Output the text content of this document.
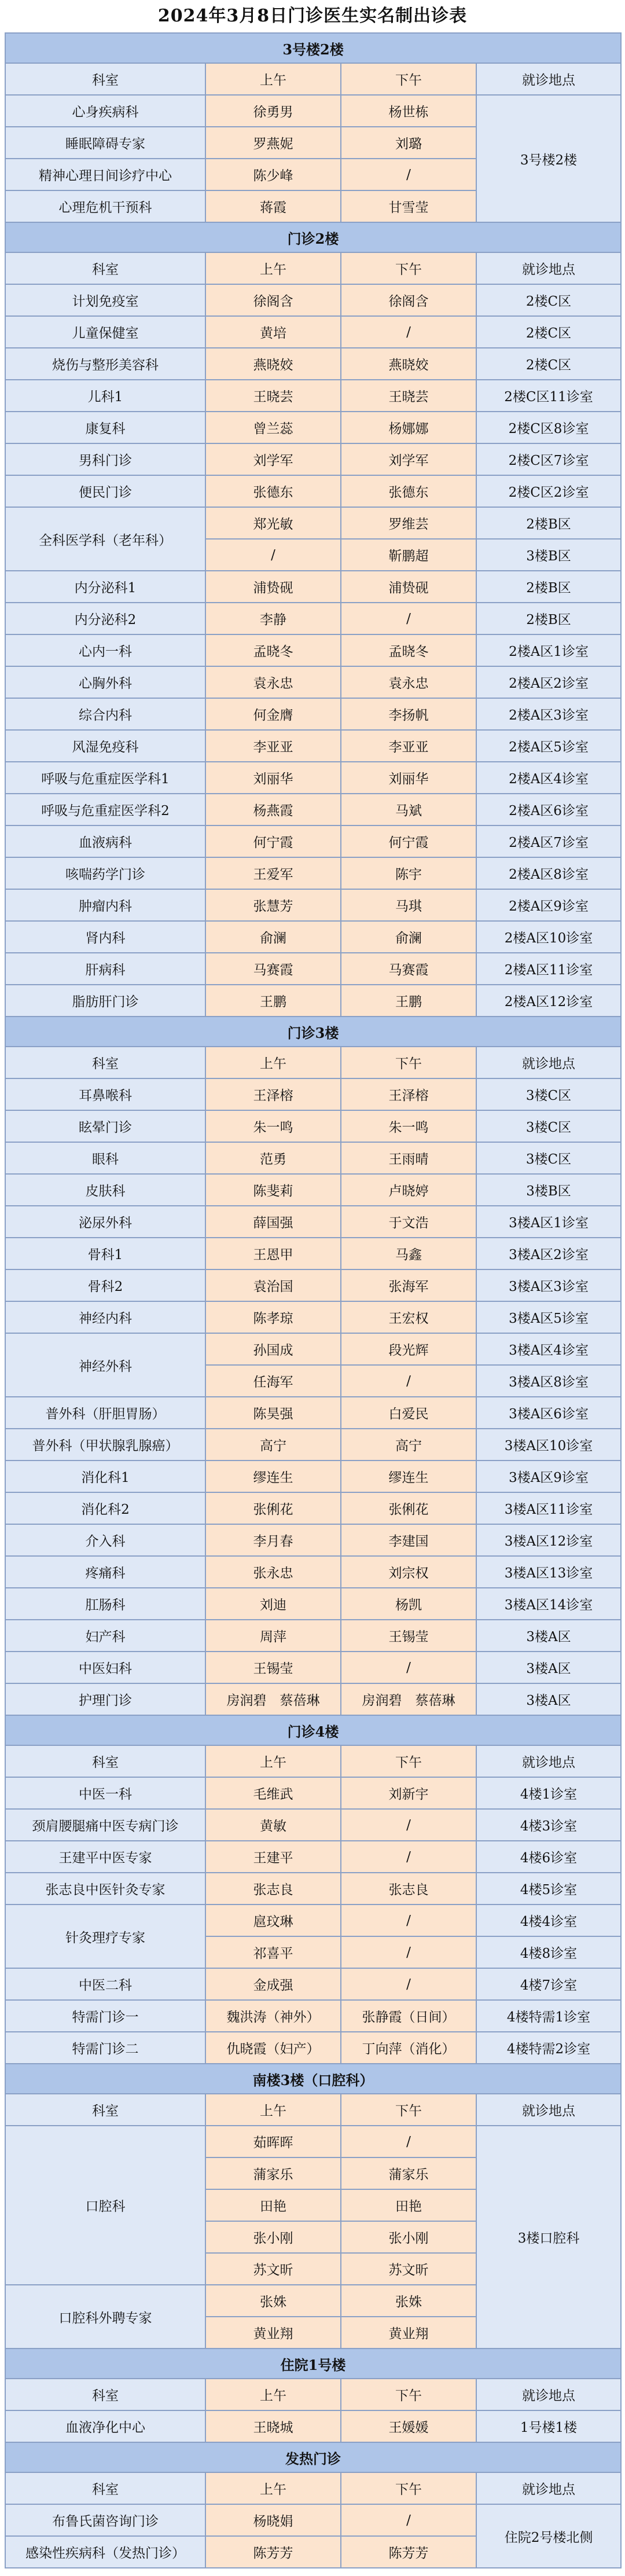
2024年3月8日门诊医生实名制出诊表
3号楼2楼			
科室	上午	下午	就诊地点
心身疾病科	徐勇男	杨世栋	3号楼2楼
睡眠障碍专家	罗燕妮	刘璐	
精神心理日间诊疗中心	陈少峰	/	
心理危机干预科	蒋霞	甘雪莹	
门诊2楼			
科室	上午	下午	就诊地点
计划免疫室	徐阁含	徐阁含	2楼C区
儿童保健室	黄培	/	2楼C区
烧伤与整形美容科	燕晓姣	燕晓姣	2楼C区
儿科1	王晓芸	王晓芸	2楼C区11诊室
康复科	曾兰蕊	杨娜娜	2楼C区8诊室
男科门诊	刘学军	刘学军	2楼C区7诊室
便民门诊	张德东	张德东	2楼C区2诊室
全科医学科（老年科）	郑光敏	罗维芸	2楼B区
	/	靳鹏超	3楼B区
内分泌科1	浦贽砚	浦贽砚	2楼B区
内分泌科2	李静	/	2楼B区
心内一科	孟晓冬	孟晓冬	2楼A区1诊室
心胸外科	袁永忠	袁永忠	2楼A区2诊室
综合内科	何金膺	李扬帆	2楼A区3诊室
风湿免疫科	李亚亚	李亚亚	2楼A区5诊室
呼吸与危重症医学科1	刘丽华	刘丽华	2楼A区4诊室
呼吸与危重症医学科2	杨燕霞	马斌	2楼A区6诊室
血液病科	何宁霞	何宁霞	2楼A区7诊室
咳喘药学门诊	王爱军	陈宇	2楼A区8诊室
肿瘤内科	张慧芳	马琪	2楼A区9诊室
肾内科	俞澜	俞澜	2楼A区10诊室
肝病科	马赛霞	马赛霞	2楼A区11诊室
脂肪肝门诊	王鹏	王鹏	2楼A区12诊室
门诊3楼			
科室	上午	下午	就诊地点
耳鼻喉科	王泽榕	王泽榕	3楼C区
眩晕门诊	朱一鸣	朱一鸣	3楼C区
眼科	范勇	王雨晴	3楼C区
皮肤科	陈斐莉	卢晓婷	3楼B区
泌尿外科	薛国强	于文浩	3楼A区1诊室
骨科1	王恩甲	马鑫	3楼A区2诊室
骨科2	袁治国	张海军	3楼A区3诊室
神经内科	陈孝琼	王宏权	3楼A区5诊室
神经外科	孙国成	段光辉	3楼A区4诊室
	任海军	/	3楼A区8诊室
普外科（肝胆胃肠）	陈昊强	白爱民	3楼A区6诊室
普外科（甲状腺乳腺癌）	高宁	高宁	3楼A区10诊室
消化科1	缪连生	缪连生	3楼A区9诊室
消化科2	张俐花	张俐花	3楼A区11诊室
介入科	李月春	李建国	3楼A区12诊室
疼痛科	张永忠	刘宗权	3楼A区13诊室
肛肠科	刘迪	杨凯	3楼A区14诊室
妇产科	周萍	王锡莹	3楼A区
中医妇科	王锡莹	/	3楼A区
护理门诊	房润碧　蔡蓓琳	房润碧　蔡蓓琳	3楼A区
门诊4楼			
科室	上午	下午	就诊地点
中医一科	毛维武	刘新宇	4楼1诊室
颈肩腰腿痛中医专病门诊	黄敏	/	4楼3诊室
王建平中医专家	王建平	/	4楼6诊室
张志良中医针灸专家	张志良	张志良	4楼5诊室
针灸理疗专家	扈玟琳	/	4楼4诊室
	祁喜平	/	4楼8诊室
中医二科	金成强	/	4楼7诊室
特需门诊一	魏洪涛（神外）	张静霞（日间）	4楼特需1诊室
特需门诊二	仇晓霞（妇产）	丁向萍（消化）	4楼特需2诊室
南楼3楼（口腔科）			
科室	上午	下午	就诊地点
口腔科	茹晖晖	/	3楼口腔科
	蒲家乐	蒲家乐	
	田艳	田艳	
	张小刚	张小刚	
	苏文昕	苏文昕	
口腔科外聘专家	张姝	张姝	
	黄业翔	黄业翔	
住院1号楼			
科室	上午	下午	就诊地点
血液净化中心	王晓城	王媛媛	1号楼1楼
发热门诊			
科室	上午	下午	就诊地点
布鲁氏菌咨询门诊	杨晓娟	/	住院2号楼北侧
感染性疾病科（发热门诊）	陈芳芳	陈芳芳	
